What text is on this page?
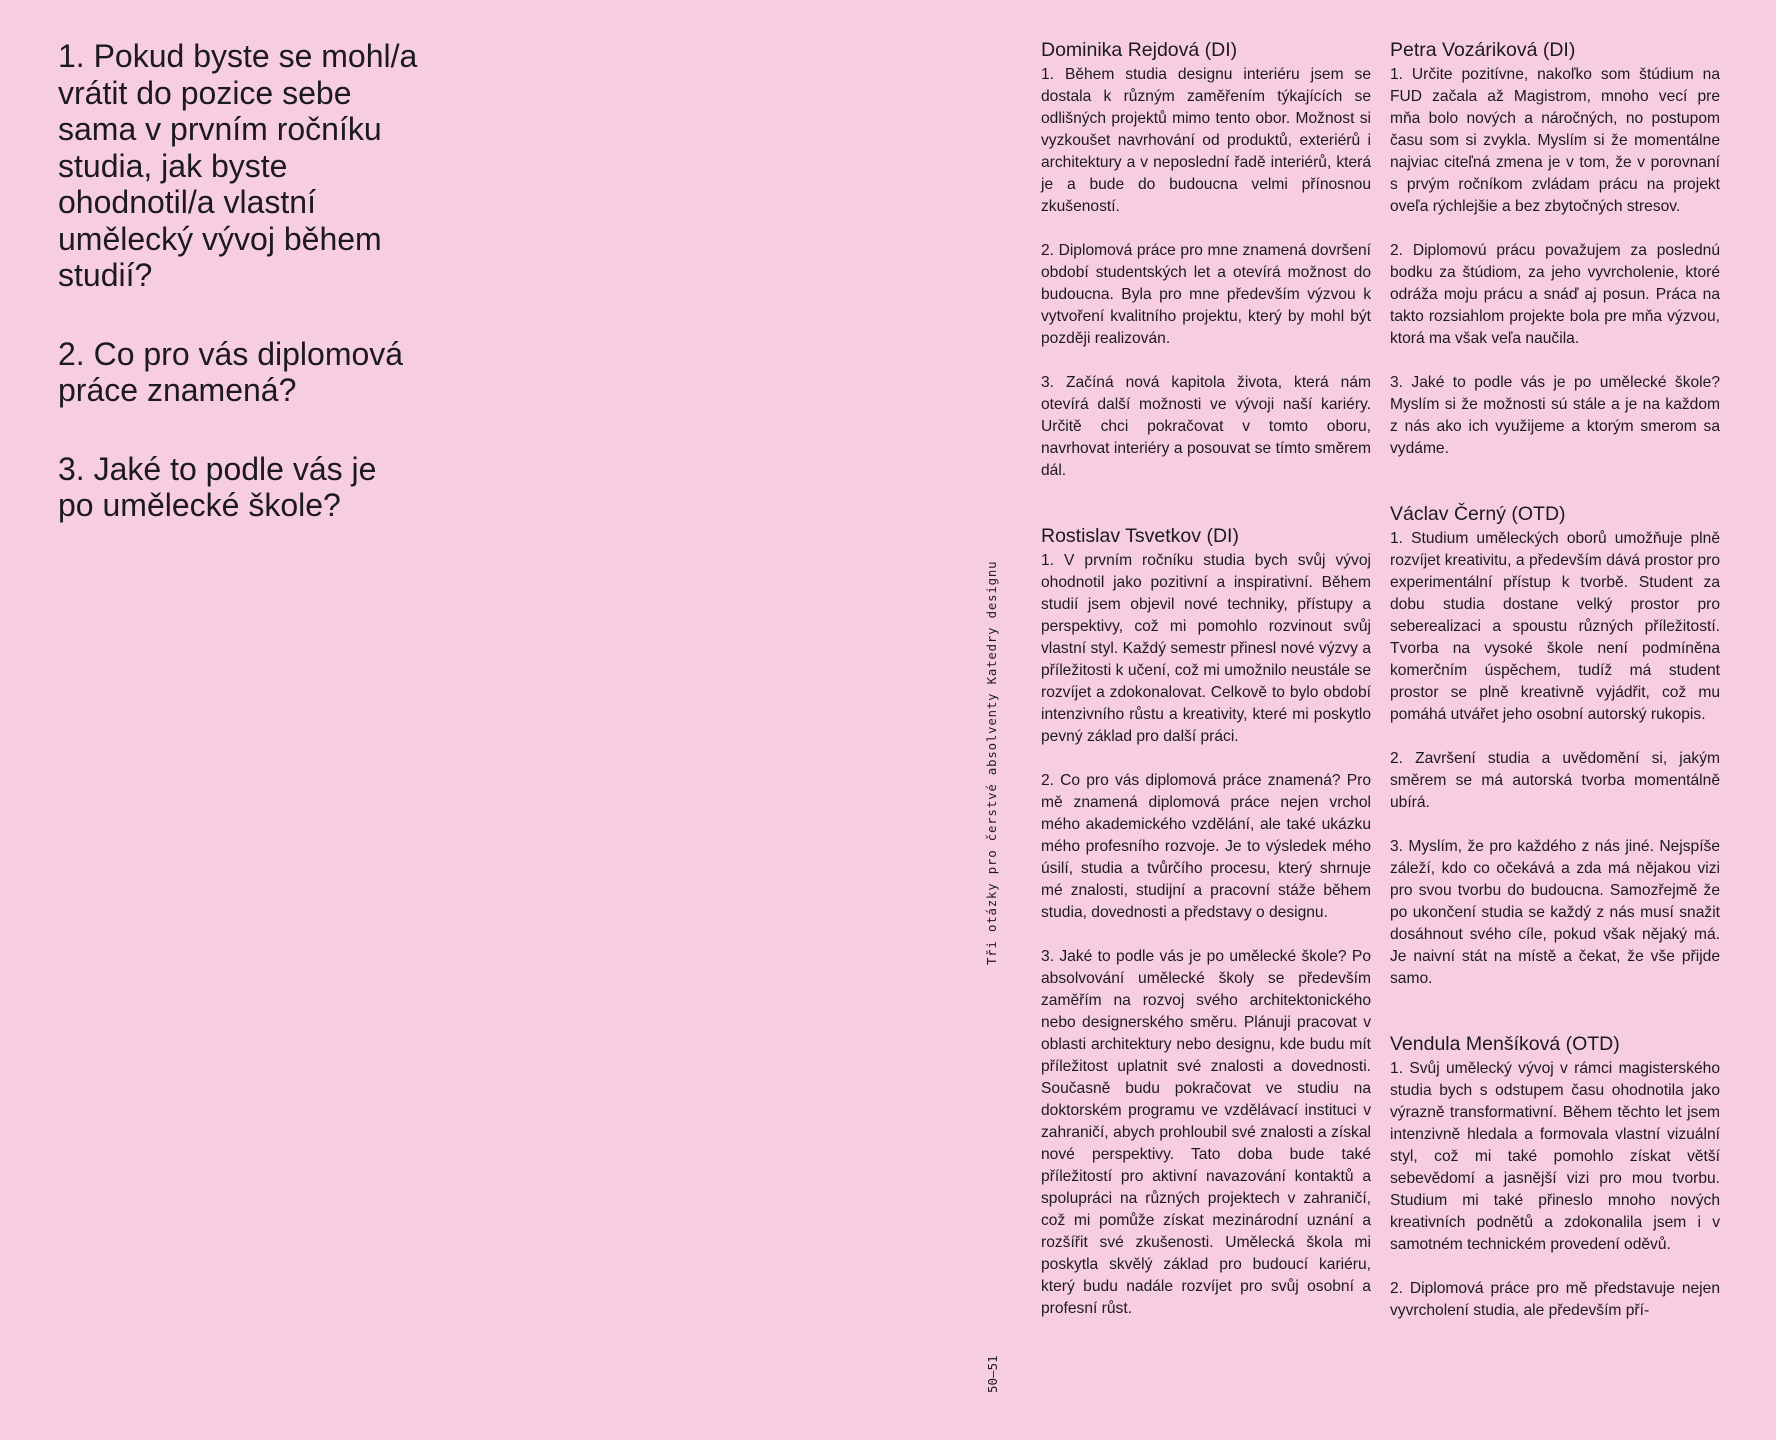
1. Pokud byste se mohl/a vrátit do pozice sebe sama v prvním ročníku studia, jak byste ohodnotil/a vlastní umělecký vývoj během studií?
2. Co pro vás diplomová práce znamená?
3. Jaké to podle vás je po umělecké škole?
Tři otázky pro čerstvé absolventy Katedry designu
50—51
Dominika Rejdová (DI)

1. Během studia designu interiéru jsem se dostala k různým zaměřením týkajících se odlišných projektů mimo tento obor. Možnost si vyzkoušet navrhování od produktů, exteriérů i architektury a v neposlední řadě interiérů, která je a bude do budoucna velmi přínosnou zkušeností.

2. Diplomová práce pro mne znamená dovršení období studentských let a otevírá možnost do budoucna. Byla pro mne především výzvou k vytvoření kvalitního projektu, který by mohl být později realizován.

3. Začíná nová kapitola života, která nám otevírá další možnosti ve vývoji naší kariéry. Určitě chci pokračovat v tomto oboru, navrhovat interiéry a posouvat se tímto směrem dál.

Rostislav Tsvetkov (DI)

1. V prvním ročníku studia bych svůj vývoj ohodnotil jako pozitivní a inspirativní. Během studií jsem objevil nové techniky, přístupy a perspektivy, což mi pomohlo rozvinout svůj vlastní styl. Každý semestr přinesl nové výzvy a příležitosti k učení, což mi umožnilo neustále se rozvíjet a zdokonalovat. Celkově to bylo období intenzivního růstu a kreativity, které mi poskytlo pevný základ pro další práci.

2. Co pro vás diplomová práce znamená? Pro mě znamená diplomová práce nejen vrchol mého akademického vzdělání, ale také ukázku mého profesního rozvoje. Je to výsledek mého úsilí, studia a tvůrčího procesu, který shrnuje mé znalosti, studijní a pracovní stáže během studia, dovednosti a představy o designu.

3. Jaké to podle vás je po umělecké škole? Po absolvování umělecké školy se především zaměřím na rozvoj svého architektonického nebo designerského směru. Plánuji pracovat v oblasti architektury nebo designu, kde budu mít příležitost uplatnit své znalosti a dovednosti. Současně budu pokračovat ve studiu na doktorském programu ve vzdělávací instituci v zahraničí, abych prohloubil své znalosti a získal nové perspektivy. Tato doba bude také příležitostí pro aktivní navazování kontaktů a spolupráci na různých projektech v zahraničí, což mi pomůže získat mezinárodní uznání a rozšířit své zkušenosti. Umělecká škola mi poskytla skvělý základ pro budoucí kariéru, který budu nadále rozvíjet pro svůj osobní a profesní růst.

Petra Vozáriková (DI)

1. Určite pozitívne, nakoľko som štúdium na FUD začala až Magistrom, mnoho vecí pre mňa bolo nových a náročných, no postupom času som si zvykla. Myslím si že momentálne najviac citeľná zmena je v tom, že v porovnaní s prvým ročníkom zvládam prácu na projekt oveľa rýchlejšie a bez zbytočných stresov.

2. Diplomovú prácu považujem za poslednú bodku za štúdiom, za jeho vyvrcholenie, ktoré odráža moju prácu a snáď aj posun. Práca na takto rozsiahlom projekte bola pre mňa výzvou, ktorá ma však veľa naučila.

3. Jaké to podle vás je po umělecké škole? Myslím si že možnosti sú stále a je na každom z nás ako ich využijeme a ktorým smerom sa vydáme.

Václav Černý (OTD)

1. Studium uměleckých oborů umožňuje plně rozvíjet kreativitu, a především dává prostor pro experimentální přístup k tvorbě. Student za dobu studia dostane velký prostor pro seberealizaci a spoustu různých příležitostí. Tvorba na vysoké škole není podmíněna komerčním úspěchem, tudíž má student prostor se plně kreativně vyjádřit, což mu pomáhá utvářet jeho osobní autorský rukopis.

2. Završení studia a uvědomění si, jakým směrem se má autorská tvorba momentálně ubírá.

3. Myslím, že pro každého z nás jiné. Nejspíše záleží, kdo co očekává a zda má nějakou vizi pro svou tvorbu do budoucna. Samozřejmě že po ukončení studia se každý z nás musí snažit dosáhnout svého cíle, pokud však nějaký má. Je naivní stát na místě a čekat, že vše přijde samo.

Vendula Menšíková (OTD)

1. Svůj umělecký vývoj v rámci magisterského studia bych s odstupem času ohodnotila jako výrazně transformativní. Během těchto let jsem intenzivně hledala a formovala vlastní vizuální styl, což mi také pomohlo získat větší sebevědomí a jasnější vizi pro mou tvorbu. Studium mi také přineslo mnoho nových kreativních podnětů a zdokonalila jsem i v samotném technickém provedení oděvů.

2. Diplomová práce pro mě představuje nejen vyvrcholení studia, ale především pří-
